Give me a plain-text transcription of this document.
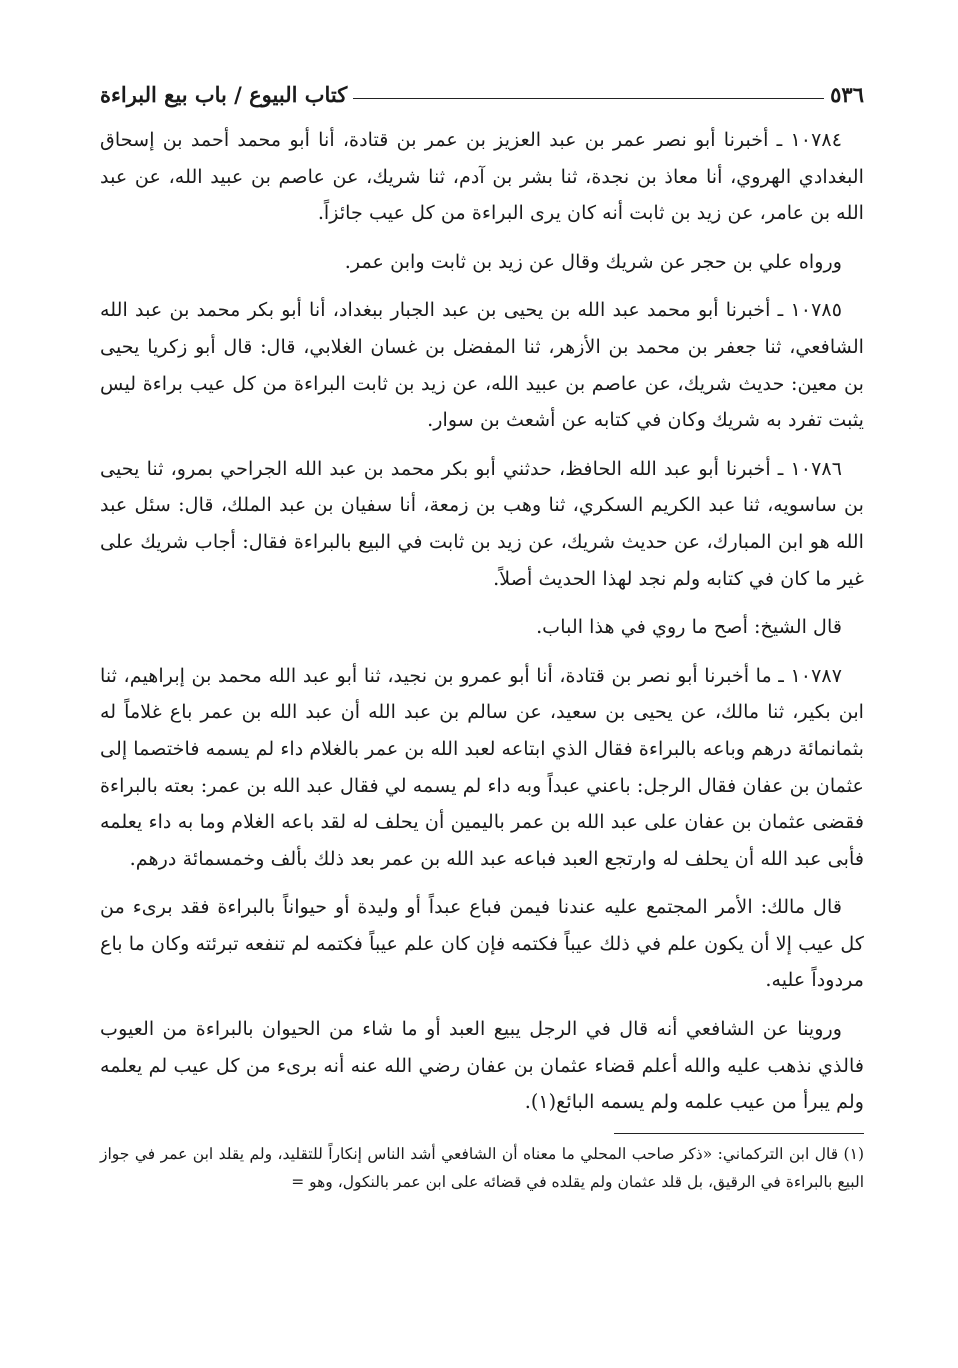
٥٣٦
كتاب البيوع / باب بيع البراءة

١٠٧٨٤ ـ أخبرنا أبو نصر عمر بن عبد العزيز بن عمر بن قتادة، أنا أبو محمد أحمد بن إسحاق البغدادي الهروي، أنا معاذ بن نجدة، ثنا بشر بن آدم، ثنا شريك، عن عاصم بن عبيد الله، عن عبد الله بن عامر، عن زيد بن ثابت أنه كان يرى البراءة من كل عيب جائزاً.

ورواه علي بن حجر عن شريك وقال عن زيد بن ثابت وابن عمر.

١٠٧٨٥ ـ أخبرنا أبو محمد عبد الله بن يحيى بن عبد الجبار ببغداد، أنا أبو بكر محمد بن عبد الله الشافعي، ثنا جعفر بن محمد بن الأزهر، ثنا المفضل بن غسان الغلابي، قال: قال أبو زكريا يحيى بن معين: حديث شريك، عن عاصم بن عبيد الله، عن زيد بن ثابت البراءة من كل عيب براءة ليس يثبت تفرد به شريك وكان في كتابه عن أشعث بن سوار.

١٠٧٨٦ ـ أخبرنا أبو عبد الله الحافظ، حدثني أبو بكر محمد بن عبد الله الجراحي بمرو، ثنا يحيى بن ساسويه، ثنا عبد الكريم السكري، ثنا وهب بن زمعة، أنا سفيان بن عبد الملك، قال: سئل عبد الله هو ابن المبارك، عن حديث شريك، عن زيد بن ثابت في البيع بالبراءة فقال: أجاب شريك على غير ما كان في كتابه ولم نجد لهذا الحديث أصلاً.

قال الشيخ: أصح ما روي في هذا الباب.

١٠٧٨٧ ـ ما أخبرنا أبو نصر بن قتادة، أنا أبو عمرو بن نجيد، ثنا أبو عبد الله محمد بن إبراهيم، ثنا ابن بكير، ثنا مالك، عن يحيى بن سعيد، عن سالم بن عبد الله أن عبد الله بن عمر باع غلاماً له بثمانمائة درهم وباعه بالبراءة فقال الذي ابتاعه لعبد الله بن عمر بالغلام داء لم يسمه فاختصما إلى عثمان بن عفان فقال الرجل: باعني عبداً وبه داء لم يسمه لي فقال عبد الله بن عمر: بعته بالبراءة فقضى عثمان بن عفان على عبد الله بن عمر باليمين أن يحلف له لقد باعه الغلام وما به داء يعلمه فأبى عبد الله أن يحلف له وارتجع العبد فباعه عبد الله بن عمر بعد ذلك بألف وخمسمائة درهم.

قال مالك: الأمر المجتمع عليه عندنا فيمن فباع عبداً أو وليدة أو حيواناً بالبراءة فقد برىء من كل عيب إلا أن يكون علم في ذلك عيباً فكتمه فإن كان علم عيباً فكتمه لم تنفعه تبرئته وكان ما باع مردوداً عليه.

وروينا عن الشافعي أنه قال في الرجل يبيع العبد أو ما شاء من الحيوان بالبراءة من العيوب فالذي نذهب عليه والله أعلم قضاء عثمان بن عفان رضي الله عنه أنه برىء من كل عيب لم يعلمه ولم يبرأ من عيب علمه ولم يسمه البائع(١).

(١) قال ابن التركماني: «ذكر صاحب المحلي ما معناه أن الشافعي أشد الناس إنكاراً للتقليد، ولم يقلد ابن عمر في جواز البيع بالبراءة في الرقيق، بل قلد عثمان ولم يقلده في قضائه على ابن عمر بالنكول، وهو =
